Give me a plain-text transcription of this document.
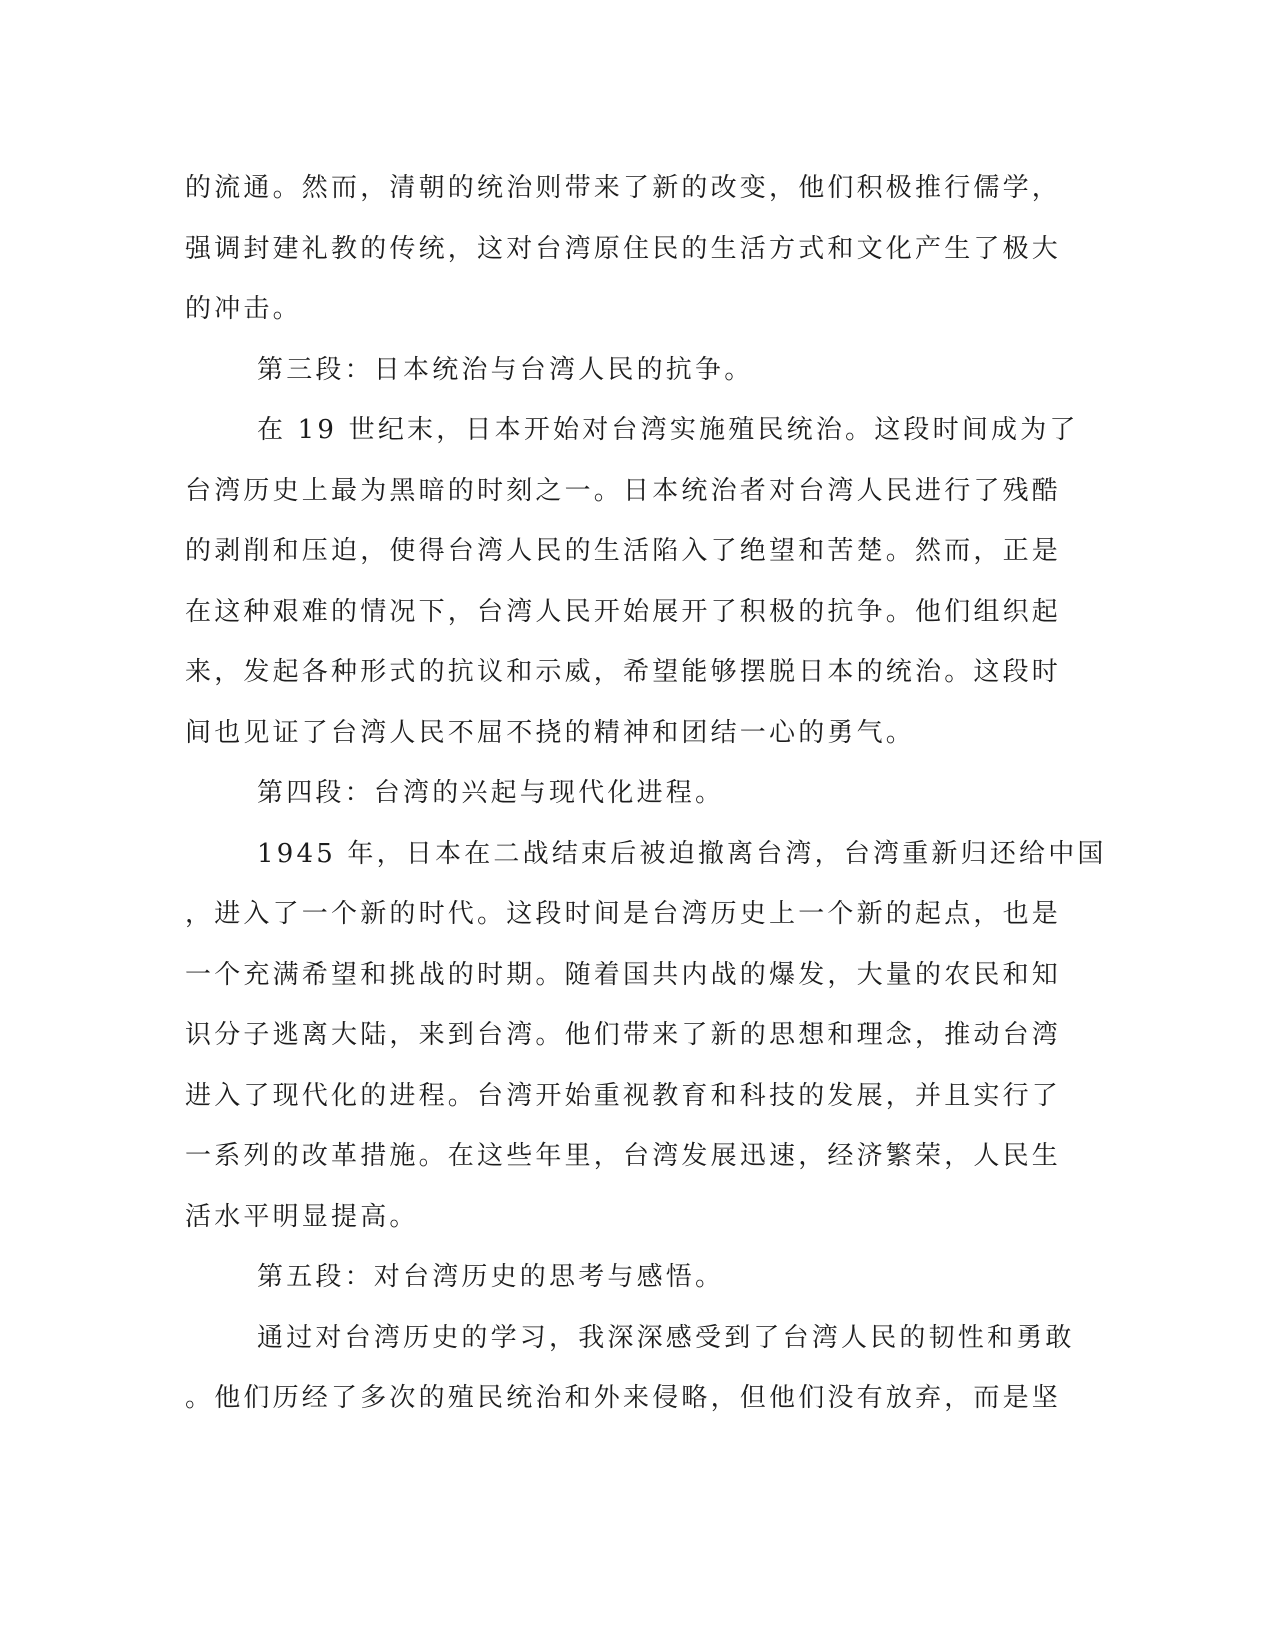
的流通。然而，清朝的统治则带来了新的改变，他们积极推行儒学，
强调封建礼教的传统，这对台湾原住民的生活方式和文化产生了极大
的冲击。
第三段：日本统治与台湾人民的抗争。
在 19 世纪末，日本开始对台湾实施殖民统治。这段时间成为了
台湾历史上最为黑暗的时刻之一。日本统治者对台湾人民进行了残酷
的剥削和压迫，使得台湾人民的生活陷入了绝望和苦楚。然而，正是
在这种艰难的情况下，台湾人民开始展开了积极的抗争。他们组织起
来，发起各种形式的抗议和示威，希望能够摆脱日本的统治。这段时
间也见证了台湾人民不屈不挠的精神和团结一心的勇气。
第四段：台湾的兴起与现代化进程。
1945 年，日本在二战结束后被迫撤离台湾，台湾重新归还给中国
，进入了一个新的时代。这段时间是台湾历史上一个新的起点，也是
一个充满希望和挑战的时期。随着国共内战的爆发，大量的农民和知
识分子逃离大陆，来到台湾。他们带来了新的思想和理念，推动台湾
进入了现代化的进程。台湾开始重视教育和科技的发展，并且实行了
一系列的改革措施。在这些年里，台湾发展迅速，经济繁荣，人民生
活水平明显提高。
第五段：对台湾历史的思考与感悟。
通过对台湾历史的学习，我深深感受到了台湾人民的韧性和勇敢
。他们历经了多次的殖民统治和外来侵略，但他们没有放弃，而是坚
